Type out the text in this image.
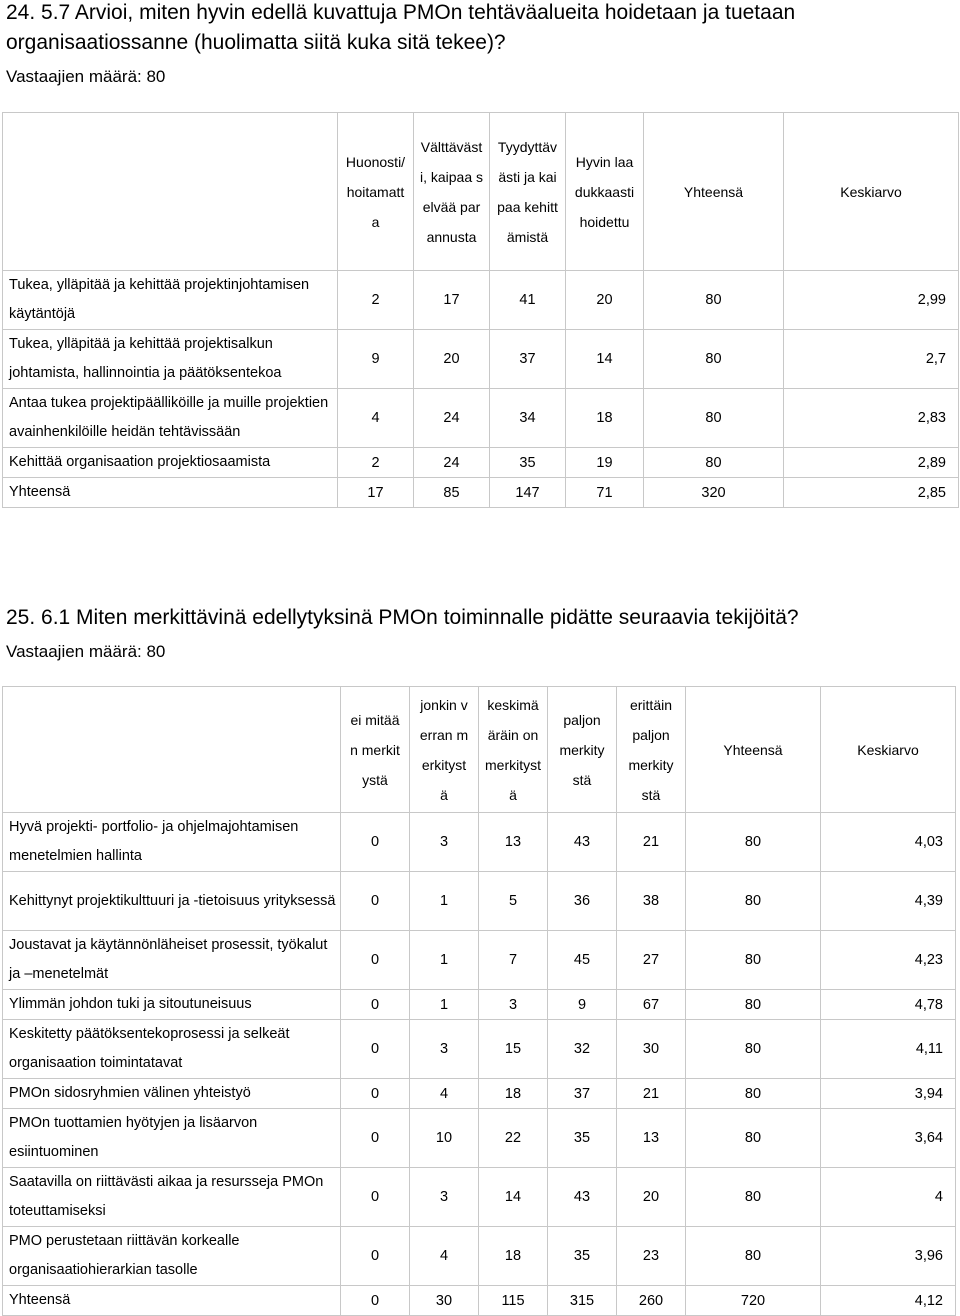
24. 5.7 Arvioi, miten hyvin edellä kuvattuja PMOn tehtäväalueita hoidetaan ja tuetaan organisaatiossanne (huolimatta siitä kuka sitä tekee)?

Vastaajien määrä: 80

	Huonosti/ hoitamatta	Välttävästi, kaipaa selvää parannusta	Tyydyttävästi ja kaipaa kehittämistä	Hyvin laadukkaasti hoidettu	Yhteensä	Keskiarvo

Tukea, ylläpitää ja kehittää projektinjohtamisen käytäntöjä	2	17	41	20	80	2,99
Tukea, ylläpitää ja kehittää projektisalkun johtamista, hallinnointia ja päätöksentekoa	9	20	37	14	80	2,7
Antaa tukea projektipäälliköille ja muille projektien avainhenkilöille heidän tehtävissään	4	24	34	18	80	2,83
Kehittää organisaation projektiosaamista	2	24	35	19	80	2,89
Yhteensä	17	85	147	71	320	2,85
25. 6.1 Miten merkittävinä edellytyksinä PMOn toiminnalle pidätte seuraavia tekijöitä?

Vastaajien määrä: 80

	ei mitään merkitystä	jonkin verran merkitystä	keskimääräin on merkitystä	paljon merkitystä	erittäin paljon merkitystä	Yhteensä	Keskiarvo

Hyvä projekti- portfolio- ja ohjelmajohtamisen menetelmien hallinta	0	3	13	43	21	80	4,03
Kehittynyt projektikulttuuri ja -tietoisuus yrityksessä	0	1	5	36	38	80	4,39
Joustavat ja käytännönläheiset prosessit, työkalut ja –menetelmät	0	1	7	45	27	80	4,23
Ylimmän johdon tuki ja sitoutuneisuus	0	1	3	9	67	80	4,78
Keskitetty päätöksentekoprosessi ja selkeät organisaation toimintatavat	0	3	15	32	30	80	4,11
PMOn sidosryhmien välinen yhteistyö	0	4	18	37	21	80	3,94
PMOn tuottamien hyötyjen ja lisäarvon esiintuominen	0	10	22	35	13	80	3,64
Saatavilla on riittävästi aikaa ja resursseja PMOn toteuttamiseksi	0	3	14	43	20	80	4
PMO perustetaan riittävän korkealle organisaatiohierarkian tasolle	0	4	18	35	23	80	3,96
Yhteensä	0	30	115	315	260	720	4,12
